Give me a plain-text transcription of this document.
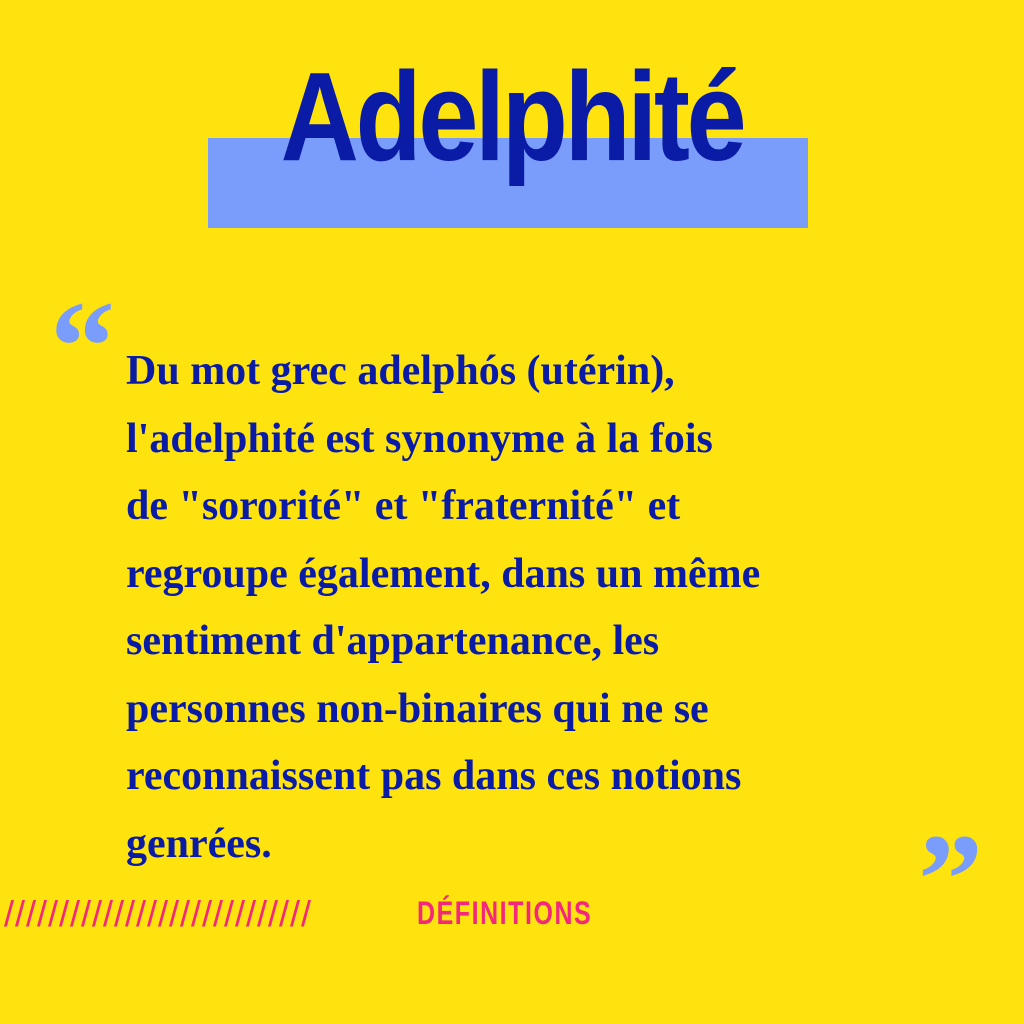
Adelphité
“ Du mot grec adelphós (utérin),
l'adelphité est synonyme à la fois
de "sororité" et "fraternité" et
regroupe également, dans un même
sentiment d'appartenance, les
personnes non-binaires qui ne se
reconnaissent pas dans ces notions
genrées.	”
////////////////////////////	DÉFINITIONS
